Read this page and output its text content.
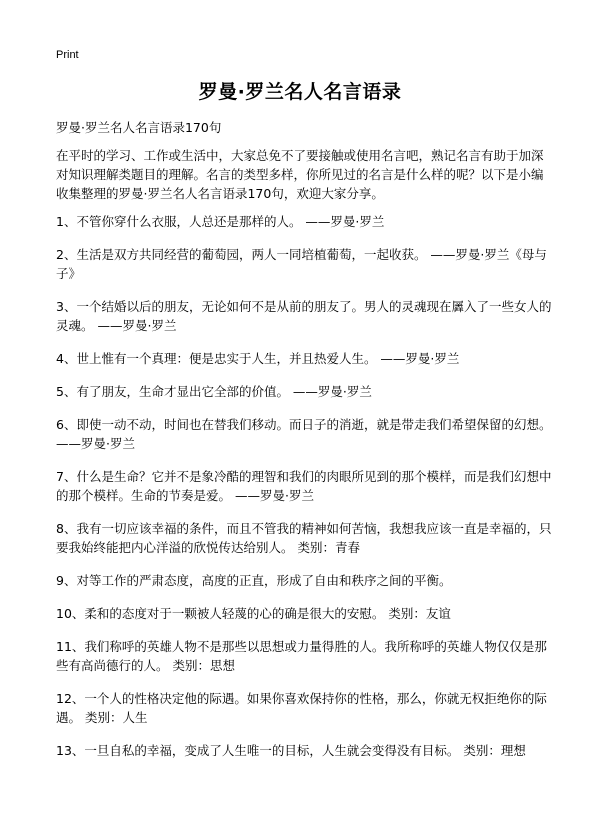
Print
罗曼·罗兰名人名言语录
罗曼·罗兰名人名言语录170句

在平时的学习、工作或生活中，大家总免不了要接触或使用名言吧，熟记名言有助于加深对知识理解类题目的理解。名言的类型多样，你所见过的名言是什么样的呢？以下是小编收集整理的罗曼·罗兰名人名言语录170句，欢迎大家分享。

1、不管你穿什么衣服，人总还是那样的人。 ——罗曼·罗兰
2、生活是双方共同经营的葡萄园，两人一同培植葡萄，一起收获。 ——罗曼·罗兰《母与子》
3、一个结婚以后的朋友，无论如何不是从前的朋友了。男人的灵魂现在羼入了一些女人的灵魂。 ——罗曼·罗兰
4、世上惟有一个真理：便是忠实于人生，并且热爱人生。 ——罗曼·罗兰
5、有了朋友，生命才显出它全部的价值。 ——罗曼·罗兰
6、即使一动不动，时间也在替我们移动。而日子的消逝，就是带走我们希望保留的幻想。 ——罗曼·罗兰
7、什么是生命？它并不是象冷酷的理智和我们的肉眼所见到的那个模样，而是我们幻想中的那个模样。生命的节奏是爱。 ——罗曼·罗兰
8、我有一切应该幸福的条件，而且不管我的精神如何苦恼，我想我应该一直是幸福的，只要我始终能把内心洋溢的欣悦传达给别人。 类别：青春
9、对等工作的严肃态度，高度的正直，形成了自由和秩序之间的平衡。
10、柔和的态度对于一颗被人轻蔑的心的确是很大的安慰。 类别：友谊
11、我们称呼的英雄人物不是那些以思想或力量得胜的人。我所称呼的英雄人物仅仅是那些有高尚德行的人。 类别：思想
12、一个人的性格决定他的际遇。如果你喜欢保持你的性格，那么，你就无权拒绝你的际遇。 类别：人生
13、一旦自私的幸福，变成了人生唯一的目标，人生就会变得没有目标。 类别：理想
